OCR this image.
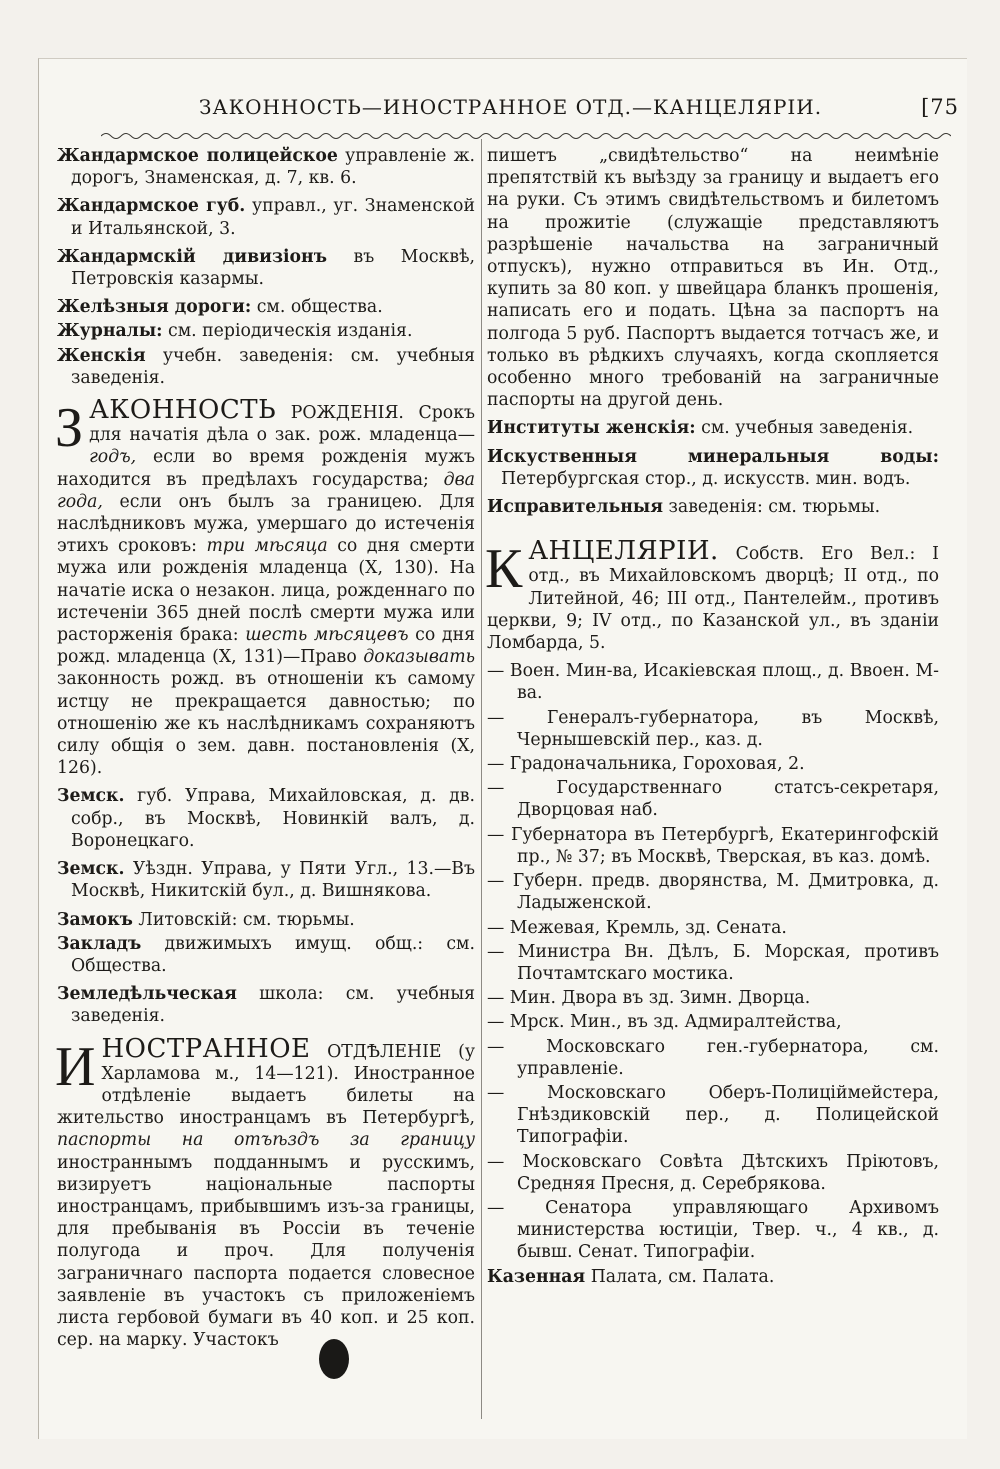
ЗАКОННОСТЬ—ИНОСТРАННОЕ ОТД.—КАНЦЕЛЯРІИ.	[75
Жандармское полицейское управленіе ж. дорогъ, Знаменская, д. 7, кв. 6.
Жандармское губ. управл., уг. Знаменской и Итальянской, 3.
Жандармскій дивизіонъ въ Москвѣ, Петровскія казармы.
Желѣзныя дороги: см. общества.
Журналы: см. періодическія изданія.
Женскія учебн. заведенія: см. учебныя заведенія.

ЗАКОННОСТЬ РОЖДЕНІЯ. Срокъ для начатія дѣла о зак. рож. младенца—годъ, если во время рожденія мужъ находится въ предѣлахъ государства; два года, если онъ былъ за границею. Для наслѣдниковъ мужа, умершаго до истеченія этихъ сроковъ: три мѣсяца со дня смерти мужа или рожденія младенца (X, 130). На начатіе иска о незакон. лица, рожденнаго по истеченіи 365 дней послѣ смерти мужа или расторженія брака: шесть мѣсяцевъ со дня рожд. младенца (X, 131)—Право доказывать законность рожд. въ отношеніи къ самому истцу не прекращается давностью; по отношенію же къ наслѣдникамъ сохраняютъ силу общія о зем. давн. постановленія (X, 126).

Земск. губ. Управа, Михайловская, д. дв. собр., въ Москвѣ, Новинкій валъ, д. Воронецкаго.
Земск. Уѣздн. Управа, у Пяти Угл., 13.—Въ Москвѣ, Никитскій бул., д. Вишнякова.
Замокъ Литовскій: см. тюрьмы.
Закладъ движимыхъ имущ. общ.: см. Общества.
Земледѣльческая школа: см. учебныя заведенія.

ИНОСТРАННОЕ ОТДѢЛЕНІЕ (у Харламова м., 14—121). Иностранное отдѣленіе выдаетъ билеты на жительство иностранцамъ въ Петербургѣ, паспорты на отъѣздъ за границу иностраннымъ подданнымъ и русскимъ, визируетъ національные паспорты иностранцамъ, прибывшимъ изъ-за границы, для пребыванія въ Россіи въ теченіе полугода и проч. Для полученія заграничнаго паспорта подается словесное заявленіе въ участокъ съ приложеніемъ листа гербовой бумаги въ 40 коп. и 25 коп. сер. на марку. Участокъ

пишетъ „свидѣтельство“ на неимѣніе препятствій къ выѣзду за границу и выдаетъ его на руки. Съ этимъ свидѣтельствомъ и билетомъ на прожитіе (служащіе представляютъ разрѣшеніе начальства на заграничный отпускъ), нужно отправиться въ Ин. Отд., купить за 80 коп. у швейцара бланкъ прошенія, написать его и подать. Цѣна за паспортъ на полгода 5 руб. Паспортъ выдается тотчасъ же, и только въ рѣдкихъ случаяхъ, когда скопляется особенно много требованій на заграничные паспорты на другой день.
Институты женскія: см. учебныя заведенія.
Искуственныя минеральныя воды: Петербургская стор., д. искусств. мин. водъ.
Исправительныя заведенія: см. тюрьмы.

КАНЦЕЛЯРІИ. Собств. Его Вел.: I отд., въ Михайловскомъ дворцѣ; II отд., по Литейной, 46; III отд., Пантелейм., противъ церкви, 9; IV отд., по Казанской ул., въ зданіи Ломбарда, 5.

— Воен. Мин-ва, Исакіевская площ., д. Ввоен. М-ва.
— Генералъ-губернатора, въ Москвѣ, Чернышевскій пер., каз. д.
— Градоначальника, Гороховая, 2.
— Государственнаго статсъ-секретаря, Дворцовая наб.
— Губернатора въ Петербургѣ, Екатерингофскій пр., № 37; въ Москвѣ, Тверская, въ каз. домѣ.
— Губерн. предв. дворянства, М. Дмитровка, д. Ладыженской.
— Межевая, Кремль, зд. Сената.
— Министра Вн. Дѣлъ, Б. Морская, противъ Почтамтскаго мостика.
— Мин. Двора въ зд. Зимн. Дворца.
— Мрск. Мин., въ зд. Адмиралтейства,
— Московскаго ген.-губернатора, см. управленіе.
— Московскаго Оберъ-Полицiймейстера, Гнѣздиковскій пер., д. Полицейской Типографіи.
— Московскаго Совѣта Дѣтскихъ Пріютовъ, Средняя Пресня, д. Серебрякова.
— Сенатора управляющаго Архивомъ министерства юстиціи, Твер. ч., 4 кв., д. бывш. Сенат. Типографіи.
Казенная Палата, см. Палата.
